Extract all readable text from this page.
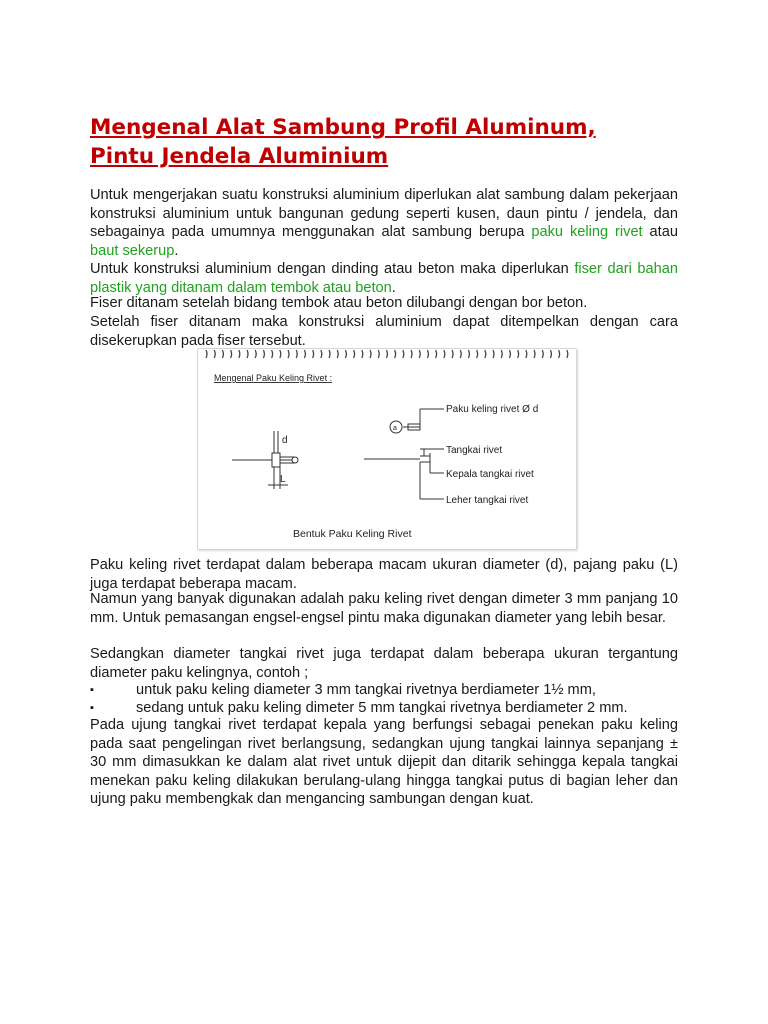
Mengenal Alat Sambung Profil Aluminum,
Pintu Jendela Aluminium

Untuk mengerjakan suatu konstruksi aluminium diperlukan alat sambung dalam pekerjaan konstruksi aluminium untuk bangunan gedung seperti kusen, daun pintu / jendela, dan sebagainya pada umumnya menggunakan alat sambung berupa paku keling rivet atau baut sekerup.

Untuk konstruksi aluminium dengan dinding atau beton maka diperlukan fiser dari bahan plastik yang ditanam dalam tembok atau beton.

Fiser ditanam setelah bidang tembok atau beton dilubangi dengan bor beton.

Setelah fiser ditanam maka konstruksi aluminium dapat ditempelkan dengan cara disekerupkan pada fiser tersebut.

Mengenal Paku Keling Rivet :
d
L
a
Paku keling rivet Ø d
Tangkai rivet
Kepala tangkai rivet
Leher tangkai rivet
Bentuk Paku Keling Rivet

Paku keling rivet terdapat dalam beberapa macam ukuran diameter (d), pajang paku (L) juga terdapat beberapa macam.

Namun yang banyak digunakan adalah paku keling rivet dengan dimeter 3 mm panjang 10 mm. Untuk pemasangan engsel-engsel pintu maka digunakan diameter yang lebih besar.

Sedangkan diameter tangkai rivet juga terdapat dalam beberapa ukuran tergantung diameter paku kelingnya, contoh ;

▪	untuk paku keling diameter 3 mm tangkai rivetnya berdiameter 1½ mm,
▪	sedang untuk paku keling dimeter 5 mm tangkai rivetnya berdiameter 2 mm.

Pada ujung tangkai rivet terdapat kepala yang berfungsi sebagai penekan paku keling pada saat pengelingan rivet berlangsung, sedangkan ujung tangkai lainnya sepanjang ± 30 mm dimasukkan ke dalam alat rivet untuk dijepit dan ditarik sehingga kepala tangkai menekan paku keling dilakukan berulang-ulang hingga tangkai putus di bagian leher dan ujung paku membengkak dan mengancing sambungan dengan kuat.
